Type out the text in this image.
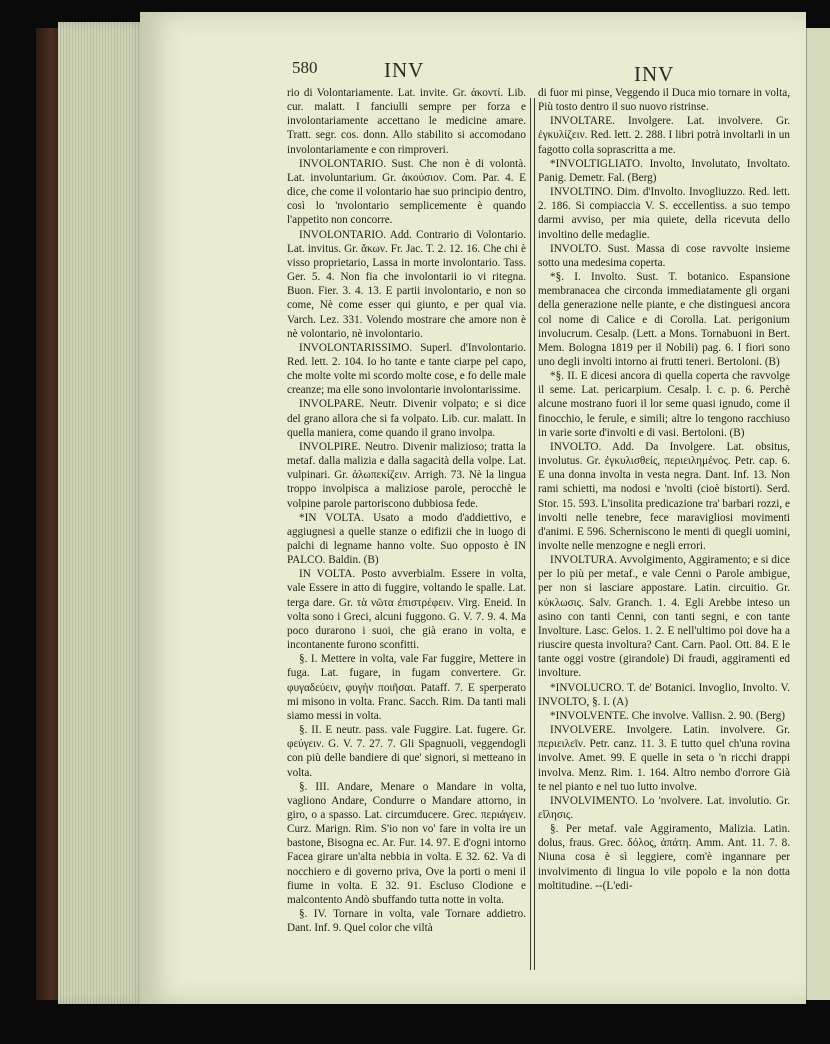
580	INV	INV

rio di Volontariamente. Lat. invite. Gr. ἀκοντί. Lib. cur. malatt. I fanciulli sempre per forza e involontariamente accettano le medicine amare. Tratt. segr. cos. donn. Allo stabilito si accomodano involontariamente e con rimproveri.

INVOLONTARIO. Sust. Che non è di volontà. Lat. involuntarium. Gr. ἀκούσιον. Com. Par. 4. E dice, che come il volontario hae suo principio dentro, così lo 'nvolontario semplicemente è quando l'appetito non concorre.

INVOLONTARIO. Add. Contrario di Volontario. Lat. invitus. Gr. ἄκων. Fr. Jac. T. 2. 12. 16. Che chi è visso proprietario, Lassa in morte involontario. Tass. Ger. 5. 4. Non fia che involontarii io vi ritegna. Buon. Fier. 3. 4. 13. E partii involontario, e non so come, Nè come esser qui giunto, e per qual via. Varch. Lez. 331. Volendo mostrare che amore non è nè volontario, nè involontario.

INVOLONTARISSIMO. Superl. d'Involontario. Red. lett. 2. 104. Io ho tante e tante ciarpe pel capo, che molte volte mi scordo molte cose, e fo delle male creanze; ma elle sono involontarie involontarissime.

INVOLPARE. Neutr. Divenir volpato; e si dice del grano allora che si fa volpato. Lib. cur. malatt. In quella maniera, come quando il grano involpa.

INVOLPIRE. Neutro. Divenir malizioso; tratta la metaf. dalla malizia e dalla sagacità della volpe. Lat. vulpinari. Gr. ἀλωπεκίζειν. Arrigh. 73. Nè la lingua troppo involpisca a maliziose parole, perocchè le volpine parole partoriscono dubbiosa fede.

*IN VOLTA. Usato a modo d'addiettivo, e aggiugnesi a quelle stanze o edifizii che in luogo di palchi di legname hanno volte. Suo opposto è IN PALCO. Baldin. (B)

IN VOLTA. Posto avverbialm. Essere in volta, vale Essere in atto di fuggire, voltando le spalle. Lat. terga dare. Gr. τὰ νῶτα ἐπιστρέφειν. Virg. Eneid. In volta sono i Greci, alcuni fuggono. G. V. 7. 9. 4. Ma poco durarono i suoi, che già erano in volta, e incontanente furono sconfitti.

§. I. Mettere in volta, vale Far fuggire, Mettere in fuga. Lat. fugare, in fugam convertere. Gr. φυγαδεύειν, φυγὴν ποιῆσαι. Pataff. 7. E sperperato mi misono in volta. Franc. Sacch. Rim. Da tanti mali siamo messi in volta.

§. II. E neutr. pass. vale Fuggire. Lat. fugere. Gr. φεύγειν. G. V. 7. 27. 7. Gli Spagnuoli, veggendogli con più delle bandiere di que' signori, si metteano in volta.

§. III. Andare, Menare o Mandare in volta, vagliono Andare, Condurre o Mandare attorno, in giro, o a spasso. Lat. circumducere. Grec. περιάγειν. Curz. Marign. Rim. S'io non vo' fare in volta ire un bastone, Bisogna ec. Ar. Fur. 14. 97. E d'ogni intorno Facea girare un'alta nebbia in volta. E 32. 62. Va di nocchiero e di governo priva, Ove la porti o meni il fiume in volta. E 32. 91. Escluso Clodione e malcontento Andò sbuffando tutta notte in volta.

§. IV. Tornare in volta, vale Tornare addietro. Dant. Inf. 9. Quel color che viltà

di fuor mi pinse, Veggendo il Duca mio tornare in volta, Più tosto dentro il suo nuovo ristrinse.

INVOLTARE. Involgere. Lat. involvere. Gr. ἐγκυλίζειν. Red. lett. 2. 288. I libri potrà involtarli in un fagotto colla soprascritta a me.

*INVOLTIGLIATO. Involto, Involutato, Involtato. Panig. Demetr. Fal. (Berg)

INVOLTINO. Dim. d'Involto. Invogliuzzo. Red. lett. 2. 186. Si compiaccia V. S. eccellentiss. a suo tempo darmi avviso, per mia quiete, della ricevuta dello involtino delle medaglie.

INVOLTO. Sust. Massa di cose ravvolte insieme sotto una medesima coperta.

*§. I. Involto. Sust. T. botanico. Espansione membranacea che circonda immediatamente gli organi della generazione nelle piante, e che distinguesi ancora col nome di Calice e di Corolla. Lat. perigonium involucrum. Cesalp. (Lett. a Mons. Tornabuoni in Bert. Mem. Bologna 1819 per il Nobili) pag. 6. I fiori sono uno degli involti intorno ai frutti teneri. Bertoloni. (B)

*§. II. E dicesi ancora di quella coperta che ravvolge il seme. Lat. pericarpium. Cesalp. l. c. p. 6. Perchè alcune mostrano fuori il lor seme quasi ignudo, come il finocchio, le ferule, e simili; altre lo tengono racchiuso in varie sorte d'involti e di vasi. Bertoloni. (B)

INVOLTO. Add. Da Involgere. Lat. obsitus, involutus. Gr. ἐγκυλισθείς, περιειλημένος. Petr. cap. 6. E una donna involta in vesta negra. Dant. Inf. 13. Non rami schietti, ma nodosi e 'nvolti (cioè bistorti). Serd. Stor. 15. 593. L'insolita predicazione tra' barbari rozzi, e involti nelle tenebre, fece maravigliosi movimenti d'animi. E 596. Scherniscono le menti di quegli uomini, involte nelle menzogne e negli errori.

INVOLTURA. Avvolgimento, Aggiramento; e si dice per lo più per metaf., e vale Cenni o Parole ambigue, per non si lasciare appostare. Latin. circuitio. Gr. κύκλωσις. Salv. Granch. 1. 4. Egli Arebbe inteso un asino con tanti Cenni, con tanti segni, e con tante Involture. Lasc. Gelos. 1. 2. E nell'ultimo poi dove ha a riuscire questa involtura? Cant. Carn. Paol. Ott. 84. E le tante oggi vostre (girandole) Di fraudi, aggiramenti ed involture.

*INVOLUCRO. T. de' Botanici. Invoglio, Involto. V. INVOLTO, §. I. (A)

*INVOLVENTE. Che involve. Vallisn. 2. 90. (Berg)

INVOLVERE. Involgere. Latin. involvere. Gr. περιειλεῖν. Petr. canz. 11. 3. E tutto quel ch'una rovina involve. Amet. 99. E quelle in seta o 'n ricchi drappi involva. Menz. Rim. 1. 164. Altro nembo d'orrore Già te nel pianto e nel tuo lutto involve.

INVOLVIMENTO. Lo 'nvolvere. Lat. involutio. Gr. εἴλησις.

§. Per metaf. vale Aggiramento, Malizia. Latin. dolus, fraus. Grec. δόλος, ἀπάτη. Amm. Ant. 11. 7. 8. Niuna cosa è sì leggiere, com'è ingannare per involvimento di lingua lo vile popolo e la non dotta moltitudine. --(L'edi-
